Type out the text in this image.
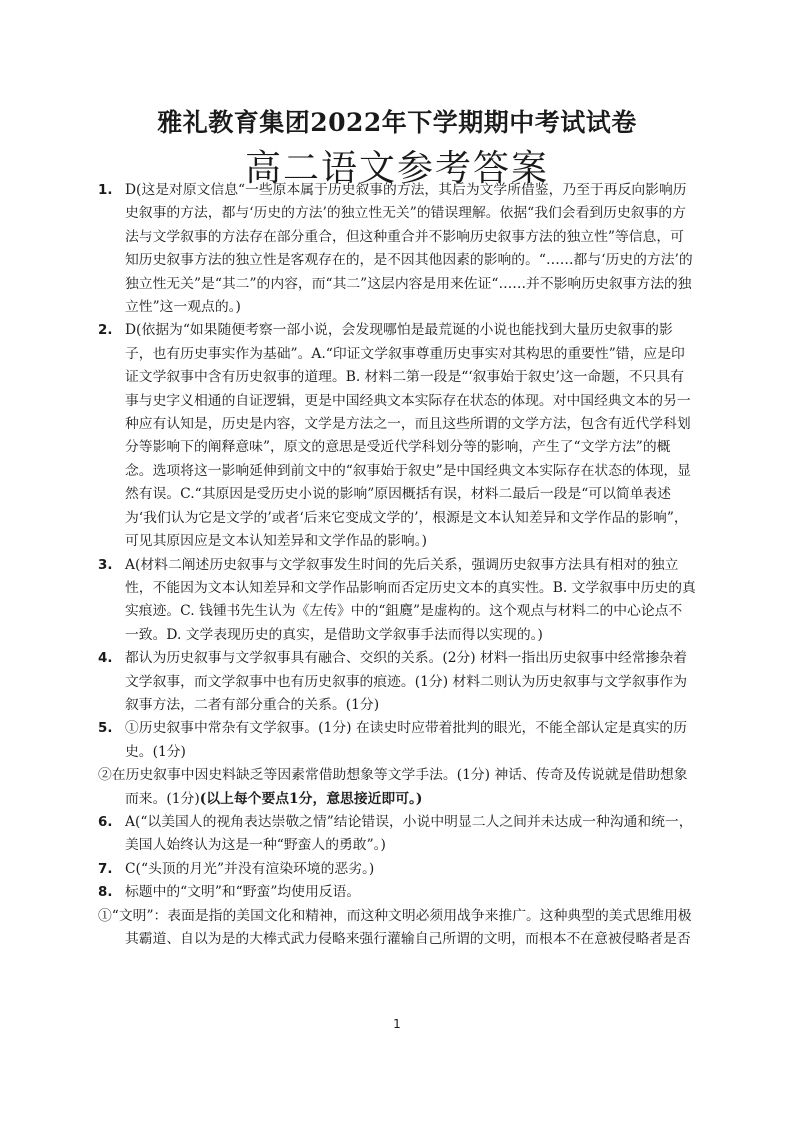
雅礼教育集团2022年下学期期中考试试卷
高二语文参考答案

1. D(这是对原文信息“一些原本属于历史叙事的方法，其后为文学所借鉴，乃至于再反向影响历史叙事的方法，都与‘历史的方法’的独立性无关”的错误理解。依据“我们会看到历史叙事的方法与文学叙事的方法存在部分重合，但这种重合并不影响历史叙事方法的独立性”等信息，可知历史叙事方法的独立性是客观存在的，是不因其他因素的影响的。“……都与‘历史的方法’的独立性无关”是“其二”的内容，而“其二”这层内容是用来佐证“……并不影响历史叙事方法的独立性”这一观点的。)

2. D(依据为“如果随便考察一部小说，会发现哪怕是最荒诞的小说也能找到大量历史叙事的影子，也有历史事实作为基础”。A.“印证文学叙事尊重历史事实对其构思的重要性”错，应是印证文学叙事中含有历史叙事的道理。B. 材料二第一段是“‘叙事始于叙史’这一命题，不只具有事与史字义相通的自证逻辑，更是中国经典文本实际存在状态的体现。对中国经典文本的另一种应有认知是，历史是内容，文学是方法之一，而且这些所谓的文学方法，包含有近代学科划分等影响下的阐释意味”，原文的意思是受近代学科划分等的影响，产生了“文学方法”的概念。选项将这一影响延伸到前文中的“叙事始于叙史”是中国经典文本实际存在状态的体现，显然有误。C.“其原因是受历史小说的影响”原因概括有误，材料二最后一段是“可以简单表述为‘我们认为它是文学的’或者‘后来它变成文学的’，根源是文本认知差异和文学作品的影响”，可见其原因应是文本认知差异和文学作品的影响。)

3. A(材料二阐述历史叙事与文学叙事发生时间的先后关系，强调历史叙事方法具有相对的独立性，不能因为文本认知差异和文学作品影响而否定历史文本的真实性。B. 文学叙事中历史的真实痕迹。C. 钱锺书先生认为《左传》中的“鉏麑”是虚构的。这个观点与材料二的中心论点不一致。D. 文学表现历史的真实，是借助文学叙事手法而得以实现的。)

4. 都认为历史叙事与文学叙事具有融合、交织的关系。(2分) 材料一指出历史叙事中经常掺杂着文学叙事，而文学叙事中也有历史叙事的痕迹。(1分) 材料二则认为历史叙事与文学叙事作为叙事方法，二者有部分重合的关系。(1分)

5. ①历史叙事中常杂有文学叙事。(1分) 在读史时应带着批判的眼光，不能全部认定是真实的历史。(1分)

②在历史叙事中因史料缺乏等因素常借助想象等文学手法。(1分) 神话、传奇及传说就是借助想象而来。(1分)(以上每个要点1分，意思接近即可。)

6. A(“以美国人的视角表达崇敬之情”结论错误，小说中明显二人之间并未达成一种沟通和统一，美国人始终认为这是一种“野蛮人的勇敢”。)

7. C(“头顶的月光”并没有渲染环境的恶劣。)

8. 标题中的“文明”和“野蛮”均使用反语。

①“文明”：表面是指的美国文化和精神，而这种文明必须用战争来推广。这种典型的美式思维用极其霸道、自以为是的大棒式武力侵略来强行灌输自己所谓的文明，而根本不在意被侵略者是否

1
